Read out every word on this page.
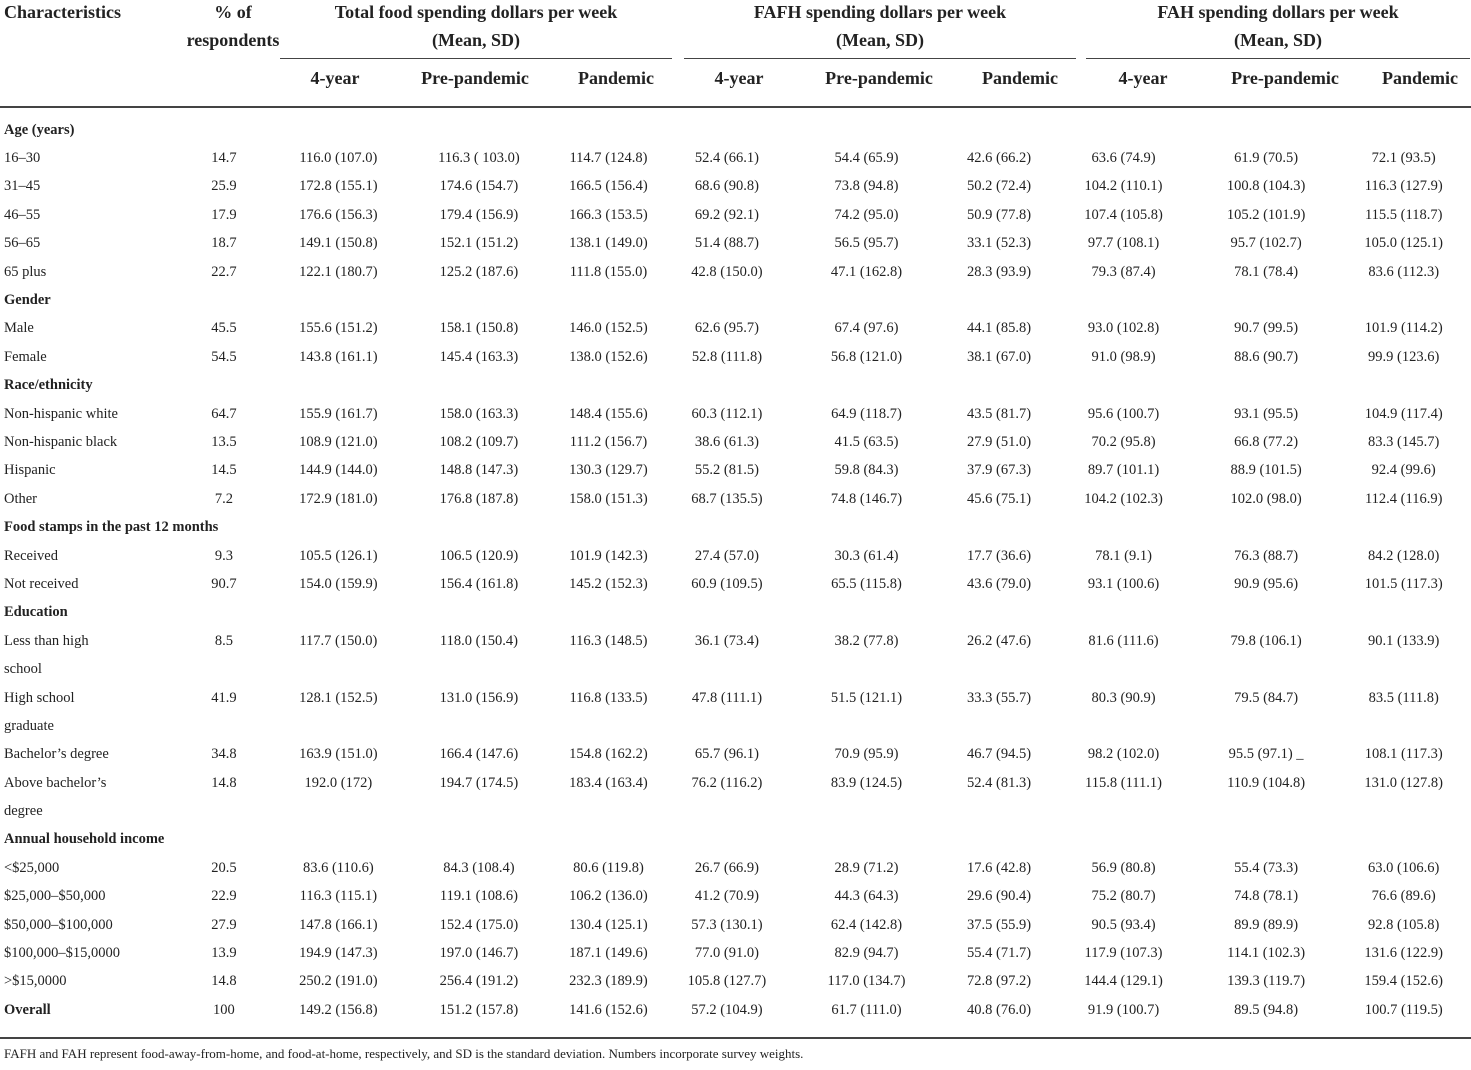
Characteristics	% of
respondents
Total food spending dollars per week
(Mean, SD)
FAFH spending dollars per week
(Mean, SD)
FAH spending dollars per week
(Mean, SD)
4-year	Pre-pandemic	Pandemic	4-year	Pre-pandemic	Pandemic	4-year	Pre-pandemic	Pandemic
Age (years)										
16–30	14.7	116.0 (107.0)	116.3 ( 103.0)	114.7 (124.8)	52.4 (66.1)	54.4 (65.9)	42.6 (66.2)	63.6 (74.9)	61.9 (70.5)	72.1 (93.5)
31–45	25.9	172.8 (155.1)	174.6 (154.7)	166.5 (156.4)	68.6 (90.8)	73.8 (94.8)	50.2 (72.4)	104.2 (110.1)	100.8 (104.3)	116.3 (127.9)
46–55	17.9	176.6 (156.3)	179.4 (156.9)	166.3 (153.5)	69.2 (92.1)	74.2 (95.0)	50.9 (77.8)	107.4 (105.8)	105.2 (101.9)	115.5 (118.7)
56–65	18.7	149.1 (150.8)	152.1 (151.2)	138.1 (149.0)	51.4 (88.7)	56.5 (95.7)	33.1 (52.3)	97.7 (108.1)	95.7 (102.7)	105.0 (125.1)
65 plus	22.7	122.1 (180.7)	125.2 (187.6)	111.8 (155.0)	42.8 (150.0)	47.1 (162.8)	28.3 (93.9)	79.3 (87.4)	78.1 (78.4)	83.6 (112.3)
Gender										
Male	45.5	155.6 (151.2)	158.1 (150.8)	146.0 (152.5)	62.6 (95.7)	67.4 (97.6)	44.1 (85.8)	93.0 (102.8)	90.7 (99.5)	101.9 (114.2)
Female	54.5	143.8 (161.1)	145.4 (163.3)	138.0 (152.6)	52.8 (111.8)	56.8 (121.0)	38.1 (67.0)	91.0 (98.9)	88.6 (90.7)	99.9 (123.6)
Race/ethnicity										
Non-hispanic white	64.7	155.9 (161.7)	158.0 (163.3)	148.4 (155.6)	60.3 (112.1)	64.9 (118.7)	43.5 (81.7)	95.6 (100.7)	93.1 (95.5)	104.9 (117.4)
Non-hispanic black	13.5	108.9 (121.0)	108.2 (109.7)	111.2 (156.7)	38.6 (61.3)	41.5 (63.5)	27.9 (51.0)	70.2 (95.8)	66.8 (77.2)	83.3 (145.7)
Hispanic	14.5	144.9 (144.0)	148.8 (147.3)	130.3 (129.7)	55.2 (81.5)	59.8 (84.3)	37.9 (67.3)	89.7 (101.1)	88.9 (101.5)	92.4 (99.6)
Other	7.2	172.9 (181.0)	176.8 (187.8)	158.0 (151.3)	68.7 (135.5)	74.8 (146.7)	45.6 (75.1)	104.2 (102.3)	102.0 (98.0)	112.4 (116.9)
Food stamps in the past 12 months										
Received	9.3	105.5 (126.1)	106.5 (120.9)	101.9 (142.3)	27.4 (57.0)	30.3 (61.4)	17.7 (36.6)	78.1 (9.1)	76.3 (88.7)	84.2 (128.0)
Not received	90.7	154.0 (159.9)	156.4 (161.8)	145.2 (152.3)	60.9 (109.5)	65.5 (115.8)	43.6 (79.0)	93.1 (100.6)	90.9 (95.6)	101.5 (117.3)
Education										
Less than high	8.5	117.7 (150.0)	118.0 (150.4)	116.3 (148.5)	36.1 (73.4)	38.2 (77.8)	26.2 (47.6)	81.6 (111.6)	79.8 (106.1)	90.1 (133.9)
school										
High school	41.9	128.1 (152.5)	131.0 (156.9)	116.8 (133.5)	47.8 (111.1)	51.5 (121.1)	33.3 (55.7)	80.3 (90.9)	79.5 (84.7)	83.5 (111.8)
graduate										
Bachelor’s degree	34.8	163.9 (151.0)	166.4 (147.6)	154.8 (162.2)	65.7 (96.1)	70.9 (95.9)	46.7 (94.5)	98.2 (102.0)	95.5 (97.1) _	108.1 (117.3)
Above bachelor’s	14.8	192.0 (172)	194.7 (174.5)	183.4 (163.4)	76.2 (116.2)	83.9 (124.5)	52.4 (81.3)	115.8 (111.1)	110.9 (104.8)	131.0 (127.8)
degree										
Annual household income										
<$25,000	20.5	83.6 (110.6)	84.3 (108.4)	80.6 (119.8)	26.7 (66.9)	28.9 (71.2)	17.6 (42.8)	56.9 (80.8)	55.4 (73.3)	63.0 (106.6)
$25,000–$50,000	22.9	116.3 (115.1)	119.1 (108.6)	106.2 (136.0)	41.2 (70.9)	44.3 (64.3)	29.6 (90.4)	75.2 (80.7)	74.8 (78.1)	76.6 (89.6)
$50,000–$100,000	27.9	147.8 (166.1)	152.4 (175.0)	130.4 (125.1)	57.3 (130.1)	62.4 (142.8)	37.5 (55.9)	90.5 (93.4)	89.9 (89.9)	92.8 (105.8)
$100,000–$15,0000	13.9	194.9 (147.3)	197.0 (146.7)	187.1 (149.6)	77.0 (91.0)	82.9 (94.7)	55.4 (71.7)	117.9 (107.3)	114.1 (102.3)	131.6 (122.9)
>$15,0000	14.8	250.2 (191.0)	256.4 (191.2)	232.3 (189.9)	105.8 (127.7)	117.0 (134.7)	72.8 (97.2)	144.4 (129.1)	139.3 (119.7)	159.4 (152.6)
Overall	100	149.2 (156.8)	151.2 (157.8)	141.6 (152.6)	57.2 (104.9)	61.7 (111.0)	40.8 (76.0)	91.9 (100.7)	89.5 (94.8)	100.7 (119.5)
FAFH and FAH represent food-away-from-home, and food-at-home, respectively, and SD is the standard deviation. Numbers incorporate survey weights.
